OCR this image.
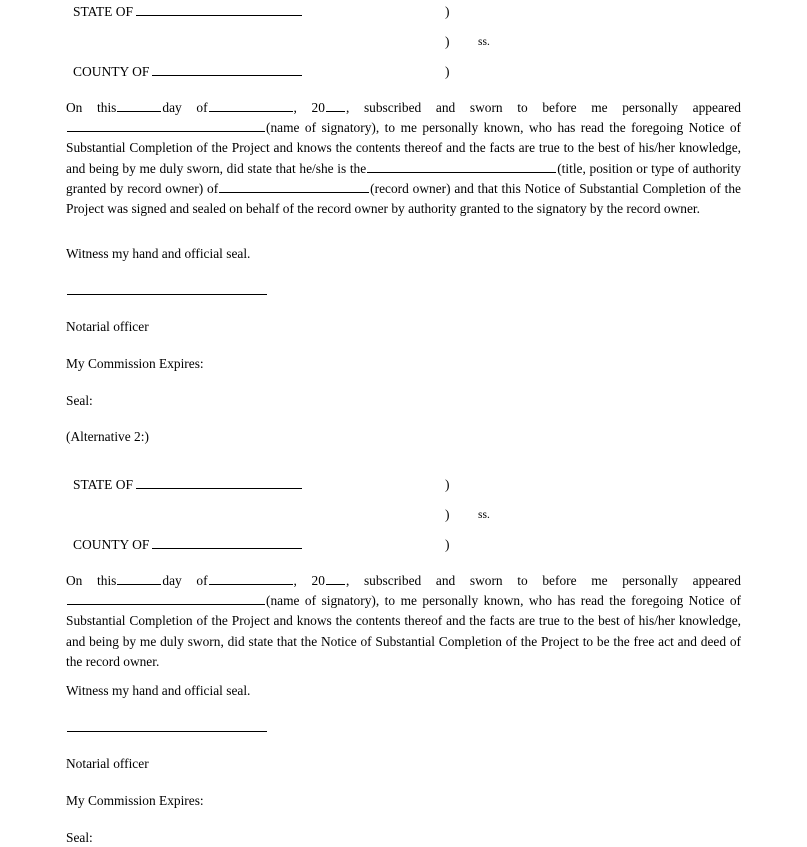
STATE OF	)
) ss.
COUNTY OF	)
On this	day of	, 20 , subscribed and sworn to before me personally appeared(name of signatory), to me personally known, who has read the foregoing Notice of Substantial Completion of the Project and knows the contents thereof and the facts are true to the best of his/her knowledge, and being by me duly sworn, did state that he/she is the	(title, position or type of authority granted by record owner) of	(record owner) and that this Notice of Substantial Completion of the Project was signed and sealed on behalf of the record owner by authority granted to the signatory by the record owner.
Witness my hand and official seal.
Notarial officer
My Commission Expires:
Seal:
(Alternative 2:)
STATE OF	)
) ss.
COUNTY OF	)
On this	day of	, 20 , subscribed and sworn to before me personally appeared(name of signatory), to me personally known, who has read the foregoing Notice of Substantial Completion of the Project and knows the contents thereof and the facts are true to the best of his/her knowledge, and being by me duly sworn, did state that the Notice of Substantial Completion of the Project to be the free act and deed of the record owner.
Witness my hand and official seal.
Notarial officer
My Commission Expires:
Seal:
